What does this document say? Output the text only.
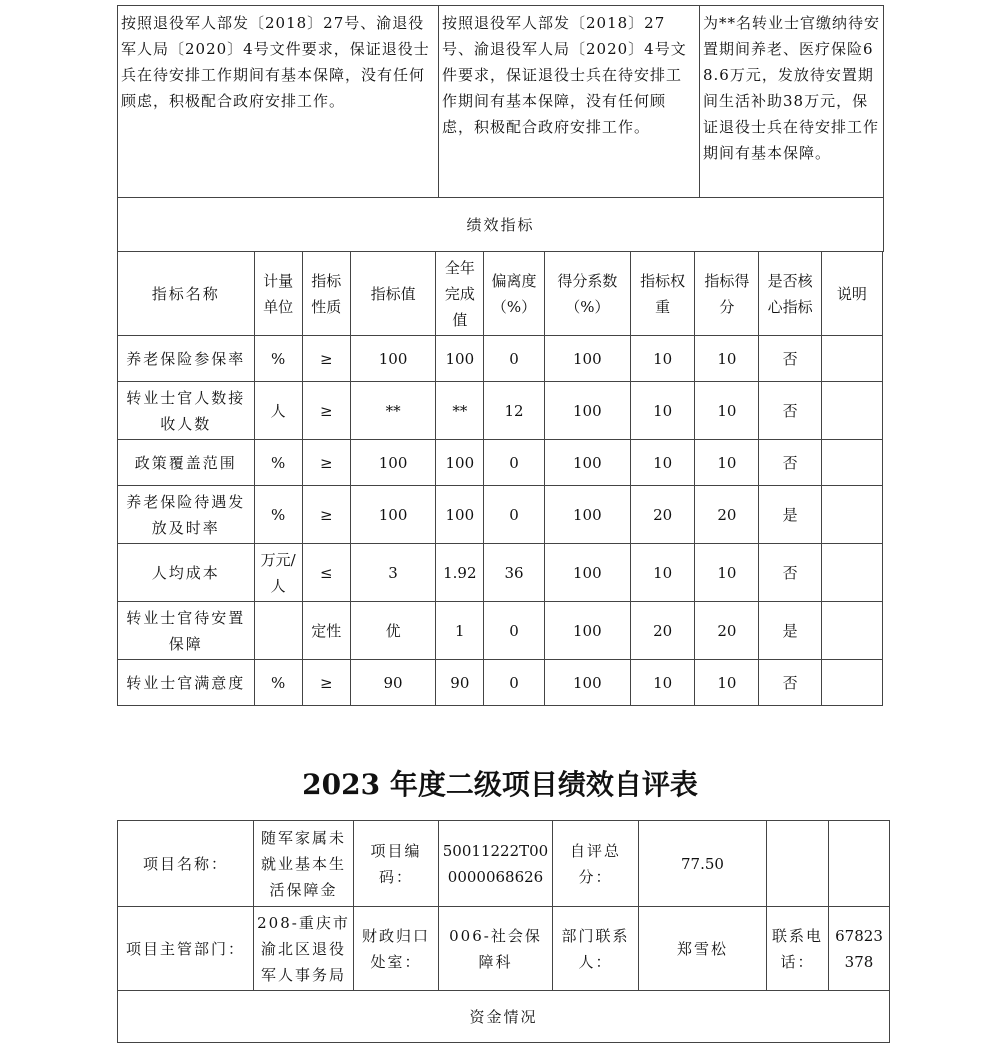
按照退役军人部发〔2018〕27号、渝退役军人局〔2020〕4号文件要求，保证退役士兵在待安排工作期间有基本保障，没有任何顾虑，积极配合政府安排工作。	按照退役军人部发〔2018〕27号、渝退役军人局〔2020〕4号文件要求，保证退役士兵在待安排工作期间有基本保障，没有任何顾虑，积极配合政府安排工作。	为**名转业士官缴纳待安置期间养老、医疗保险68.6万元，发放待安置期间生活补助38万元，保证退役士兵在待安排工作期间有基本保障。
绩效指标
指标名称	计量单位	指标性质	指标值	全年完成值	偏离度（%）	得分系数（%）	指标权重	指标得分	是否核心指标	说明
养老保险参保率	%	≥	100	100	0	100	10	10	否	
转业士官人数接收人数	人	≥	**	**	12	100	10	10	否	
政策覆盖范围	%	≥	100	100	0	100	10	10	否	
养老保险待遇发放及时率	%	≥	100	100	0	100	20	20	是	
人均成本	万元/人	≤	3	1.92	36	100	10	10	否	
转业士官待安置保障		定性	优	1	0	100	20	20	是	
转业士官满意度	%	≥	90	90	0	100	10	10	否	
2023 年度二级项目绩效自评表
项目名称：	随军家属未就业基本生活保障金	项目编码：	50011222T000000068626	自评总分：	77.50		
项目主管部门：	208-重庆市渝北区退役军人事务局	财政归口处室：	006-社会保障科	部门联系人：	郑雪松	联系电话：	67823378
资金情况							
